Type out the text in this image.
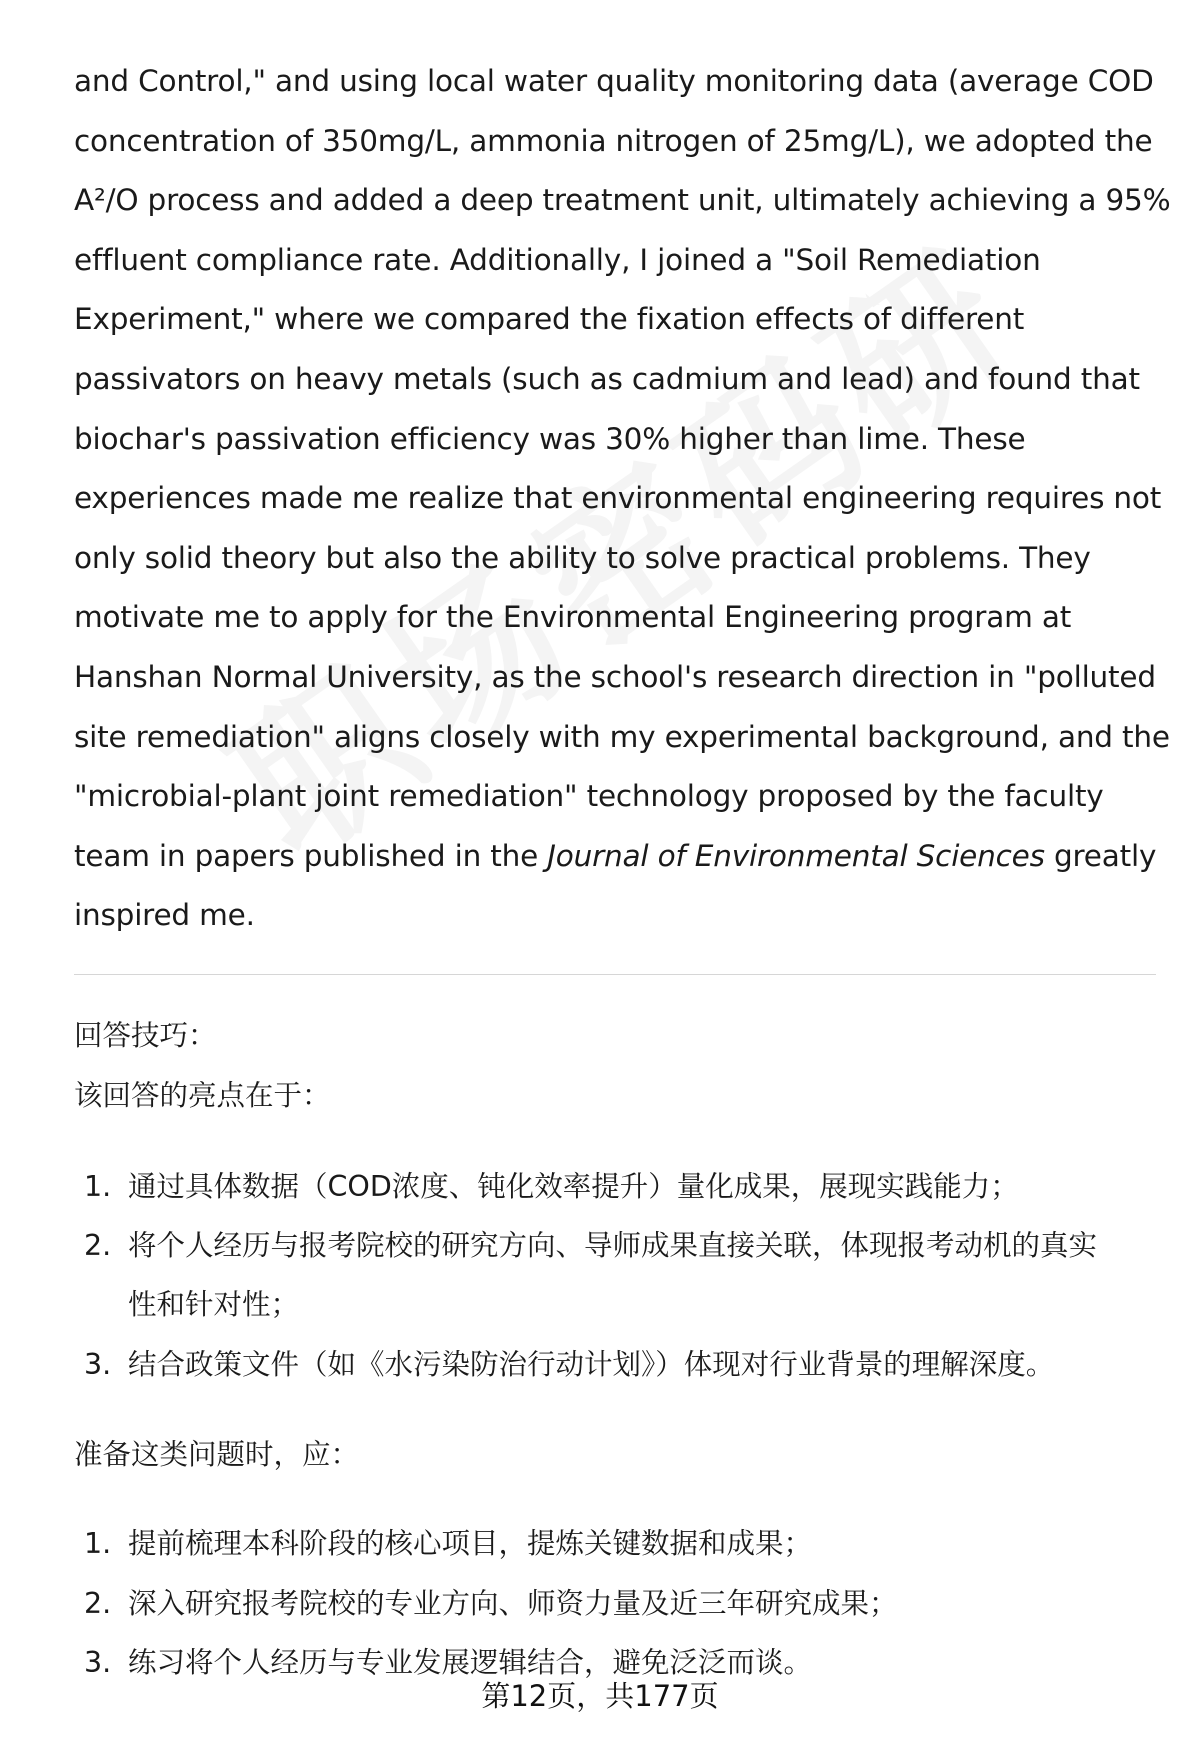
and Control," and using local water quality monitoring data (average COD
concentration of 350mg/L, ammonia nitrogen of 25mg/L), we adopted the
A²/O process and added a deep treatment unit, ultimately achieving a 95%
effluent compliance rate. Additionally, I joined a "Soil Remediation
Experiment," where we compared the fixation effects of different
passivators on heavy metals (such as cadmium and lead) and found that
biochar's passivation efficiency was 30% higher than lime. These
experiences made me realize that environmental engineering requires not
only solid theory but also the ability to solve practical problems. They
motivate me to apply for the Environmental Engineering program at
Hanshan Normal University, as the school's research direction in "polluted
site remediation" aligns closely with my experimental background, and the
"microbial-plant joint remediation" technology proposed by the faculty
team in papers published in the Journal of Environmental Sciences greatly
inspired me.

回答技巧：
该回答的亮点在于：
1. 通过具体数据（COD浓度、钝化效率提升）量化成果，展现实践能力；
2. 将个人经历与报考院校的研究方向、导师成果直接关联，体现报考动机的真实
性和针对性；
3. 结合政策文件（如《水污染防治行动计划》）体现对行业背景的理解深度。
准备这类问题时，应：
1. 提前梳理本科阶段的核心项目，提炼关键数据和成果；
2. 深入研究报考院校的专业方向、师资力量及近三年研究成果；
3. 练习将个人经历与专业发展逻辑结合，避免泛泛而谈。
第12页，共177页
